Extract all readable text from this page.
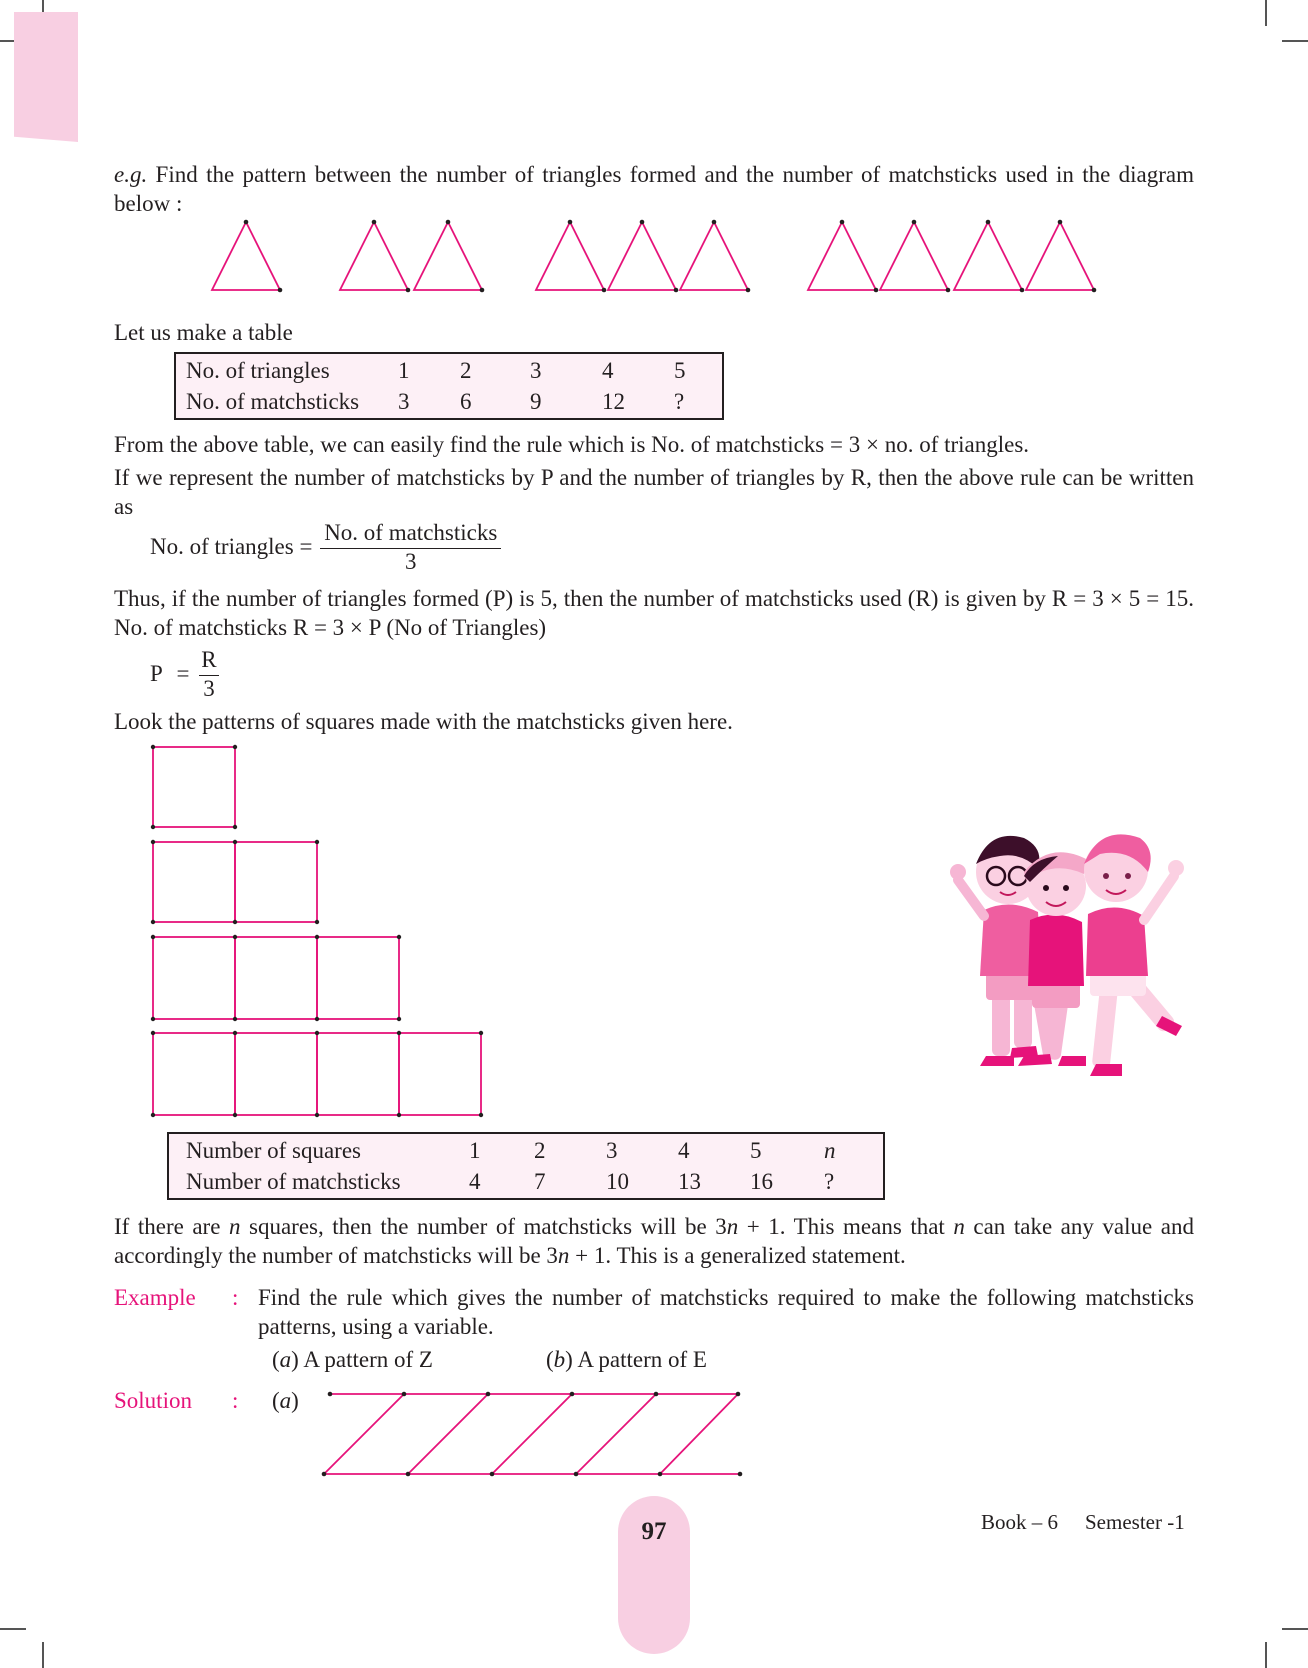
e.g. Find the pattern between the number of triangles formed and the number of matchsticks used in the diagram below :
Let us make a table
No. of triangles	1	2	3	4	5
No. of matchsticks	3	6	9	12	?
From the above table, we can easily find the rule which is No. of matchsticks = 3 × no. of triangles.
If we represent the number of matchsticks by P and the number of triangles by R, then the above rule can be written as
No. of triangles = $\frac{\text{No. of matchsticks}}{3}$
Thus, if the number of triangles formed (P) is 5, then the number of matchsticks used (R) is given by R = 3 × 5 = 15. No. of matchsticks R = 3 × P (No of Triangles)
$P = \frac{R}{3}$
Look the patterns of squares made with the matchsticks given here.
Number of squares	1	2	3	4	5	n
Number of matchsticks	4	7	10	13	16	?
If there are n squares, then the number of matchsticks will be 3n + 1. This means that n can take any value and accordingly the number of matchsticks will be 3n + 1. This is a generalized statement.
Example : Find the rule which gives the number of matchsticks required to make the following matchsticks patterns, using a variable.
(a) A pattern of Z	(b) A pattern of E
Solution : (a)
97	Book – 6 Semester -1
